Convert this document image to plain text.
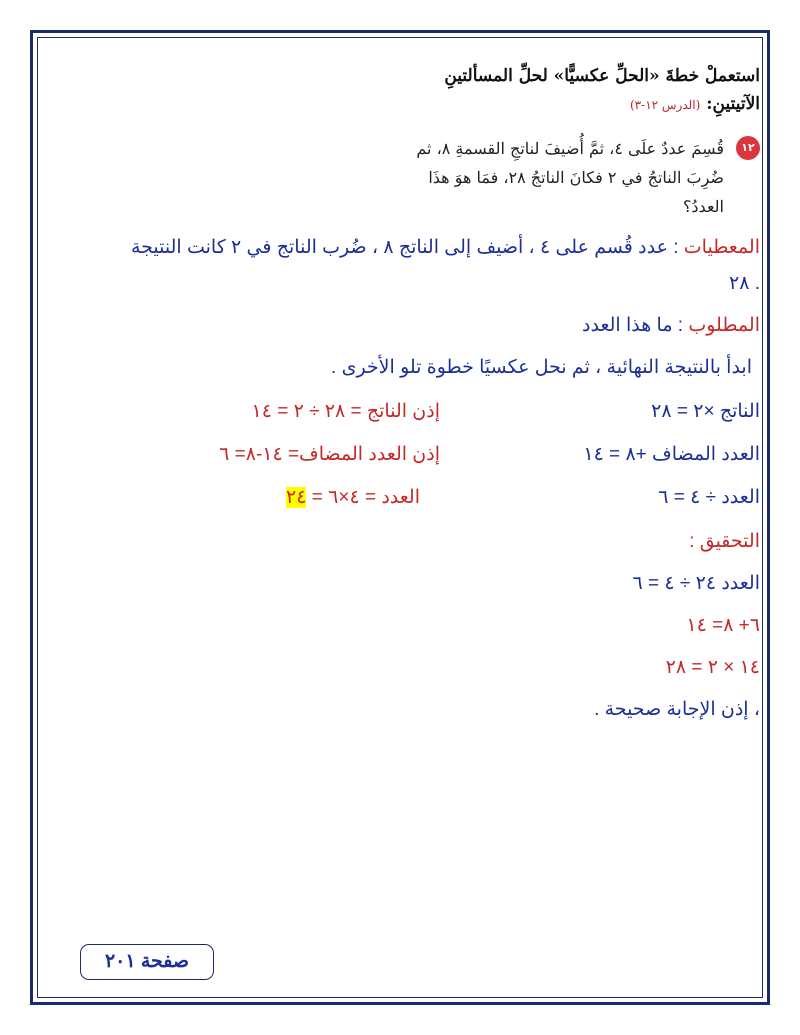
استعملْ خطةَ «الحلِّ عكسيًّا» لحلِّ المسألتينِ
الآتيتينِ: (الدرس ١٢-٣)
١٢
قُسِمَ عددٌ علَى ٤، ثمَّ أُضيفَ لناتجِ القسمةِ ٨، ثم
ضُرِبَ الناتجُ في ٢ فكانَ الناتجُ ٢٨، فمَا هوَ هذَا
العددُ؟
المعطيات : عدد قُسم على ٤ ، أضيف إلى الناتج ٨ ، ضُرب الناتج في ٢ كانت النتيجة
. ٢٨
المطلوب : ما هذا العدد
ابدأ بالنتيجة النهائية ، ثم نحل عكسيًا خطوة تلو الأخرى .
الناتج ×٢ = ٢٨
إذن الناتج = ٢٨ ÷ ٢ = ١٤
العدد المضاف +٨ = ١٤
إذن العدد المضاف= ١٤-٨= ٦
العدد ÷ ٤ = ٦
العدد = ٤×٦ = ٢٤
التحقيق :
العدد ٢٤ ÷ ٤ = ٦
٦+ ٨= ١٤
١٤ × ٢ = ٢٨
، إذن الإجابة صحيحة .
صفحة ٢٠١
